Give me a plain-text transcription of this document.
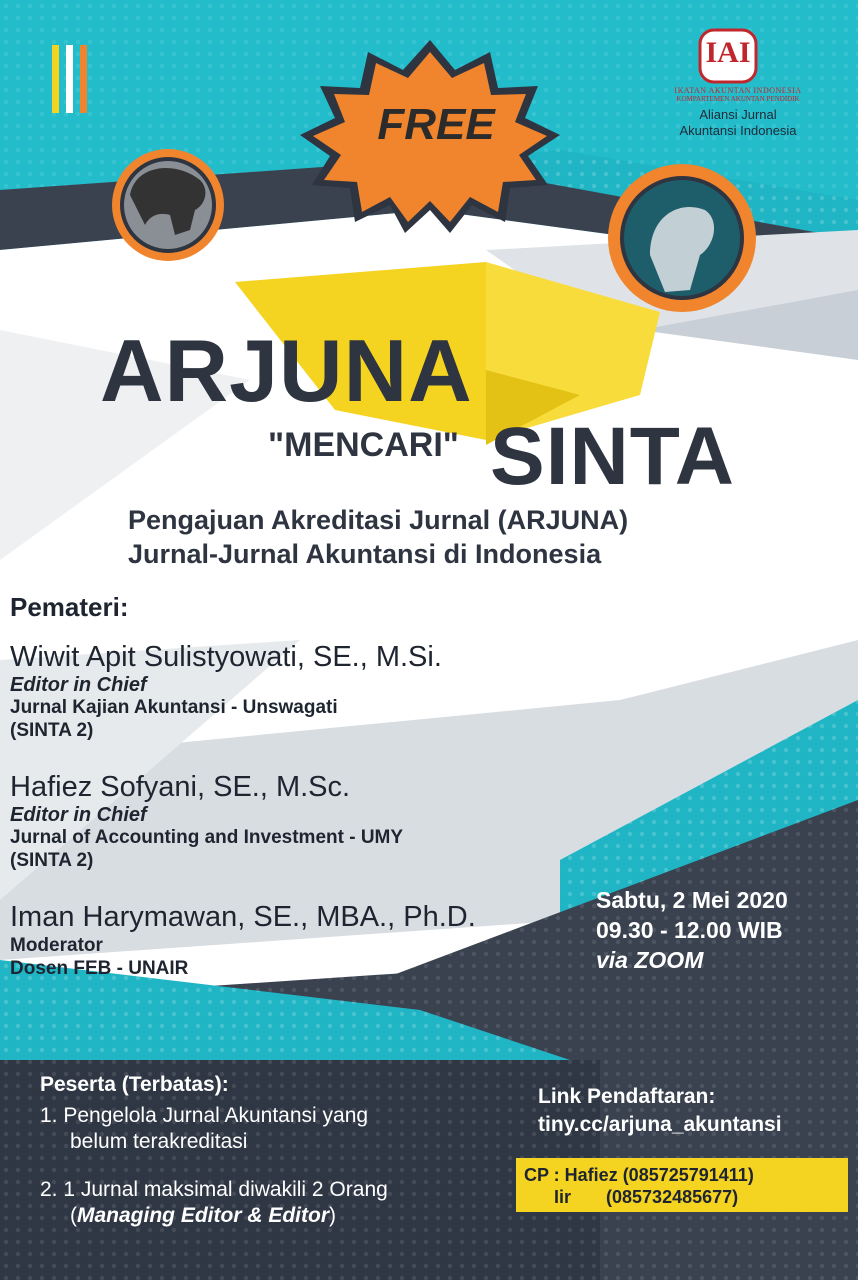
IAI
IKATAN AKUNTAN INDONESIA
KOMPARTEMEN AKUNTAN PENDIDIK
Aliansi Jurnal
Akuntansi Indonesia
FREE
ARJUNA
"MENCARI" SINTA
Pengajuan Akreditasi Jurnal (ARJUNA)
Jurnal-Jurnal Akuntansi di Indonesia
Pemateri:
Wiwit Apit Sulistyowati, SE., M.Si.
Editor in Chief
Jurnal Kajian Akuntansi - Unswagati
(SINTA 2)
Hafiez Sofyani, SE., M.Sc.
Editor in Chief
Jurnal of Accounting and Investment - UMY
(SINTA 2)
Iman Harymawan, SE., MBA., Ph.D.
Moderator
Dosen FEB - UNAIR
Sabtu, 2 Mei 2020
09.30 - 12.00 WIB
via ZOOM
Peserta (Terbatas):
1. Pengelola Jurnal Akuntansi yang
belum terakreditasi
2. 1 Jurnal maksimal diwakili 2 Orang
(Managing Editor & Editor)
Link Pendaftaran:
tiny.cc/arjuna_akuntansi
CP : Hafiez (085725791411)
Iir       (085732485677)
